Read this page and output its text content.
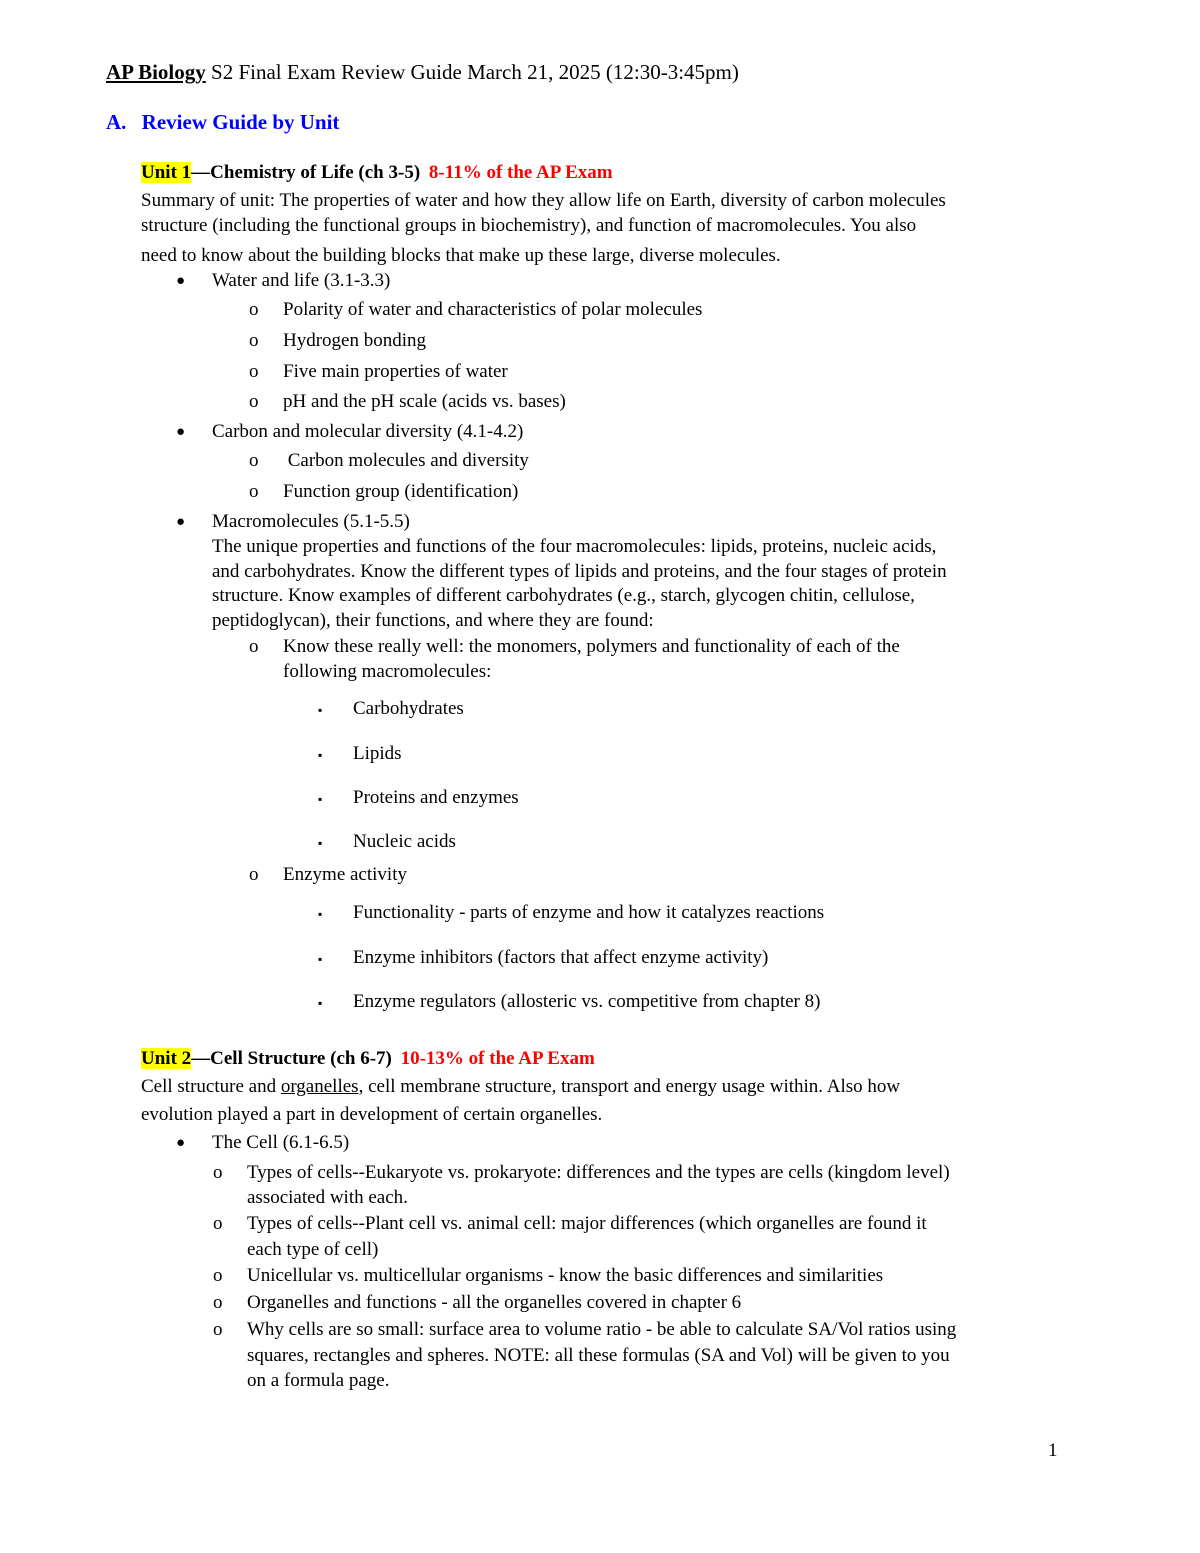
AP Biology S2 Final Exam Review Guide March 21, 2025 (12:30-3:45pm)
A. Review Guide by Unit
Unit 1—Chemistry of Life (ch 3-5) 8-11% of the AP Exam
Summary of unit: The properties of water and how they allow life on Earth, diversity of carbon molecules
structure (including the functional groups in biochemistry), and function of macromolecules. You also
need to know about the building blocks that make up these large, diverse molecules.
● Water and life (3.1-3.3)
o Polarity of water and characteristics of polar molecules
o Hydrogen bonding
o Five main properties of water
o pH and the pH scale (acids vs. bases)
● Carbon and molecular diversity (4.1-4.2)
o Carbon molecules and diversity
o Function group (identification)
● Macromolecules (5.1-5.5)
The unique properties and functions of the four macromolecules: lipids, proteins, nucleic acids,
and carbohydrates. Know the different types of lipids and proteins, and the four stages of protein
structure. Know examples of different carbohydrates (e.g., starch, glycogen chitin, cellulose,
peptidoglycan), their functions, and where they are found:
o Know these really well: the monomers, polymers and functionality of each of the
following macromolecules:
▪ Carbohydrates
▪ Lipids
▪ Proteins and enzymes
▪ Nucleic acids
o Enzyme activity
▪ Functionality - parts of enzyme and how it catalyzes reactions
▪ Enzyme inhibitors (factors that affect enzyme activity)
▪ Enzyme regulators (allosteric vs. competitive from chapter 8)
Unit 2—Cell Structure (ch 6-7) 10-13% of the AP Exam
Cell structure and organelles, cell membrane structure, transport and energy usage within. Also how
evolution played a part in development of certain organelles.
● The Cell (6.1-6.5)
o Types of cells--Eukaryote vs. prokaryote: differences and the types are cells (kingdom level)
associated with each.
o Types of cells--Plant cell vs. animal cell: major differences (which organelles are found it
each type of cell)
o Unicellular vs. multicellular organisms - know the basic differences and similarities
o Organelles and functions - all the organelles covered in chapter 6
o Why cells are so small: surface area to volume ratio - be able to calculate SA/Vol ratios using
squares, rectangles and spheres. NOTE: all these formulas (SA and Vol) will be given to you
on a formula page.
1
